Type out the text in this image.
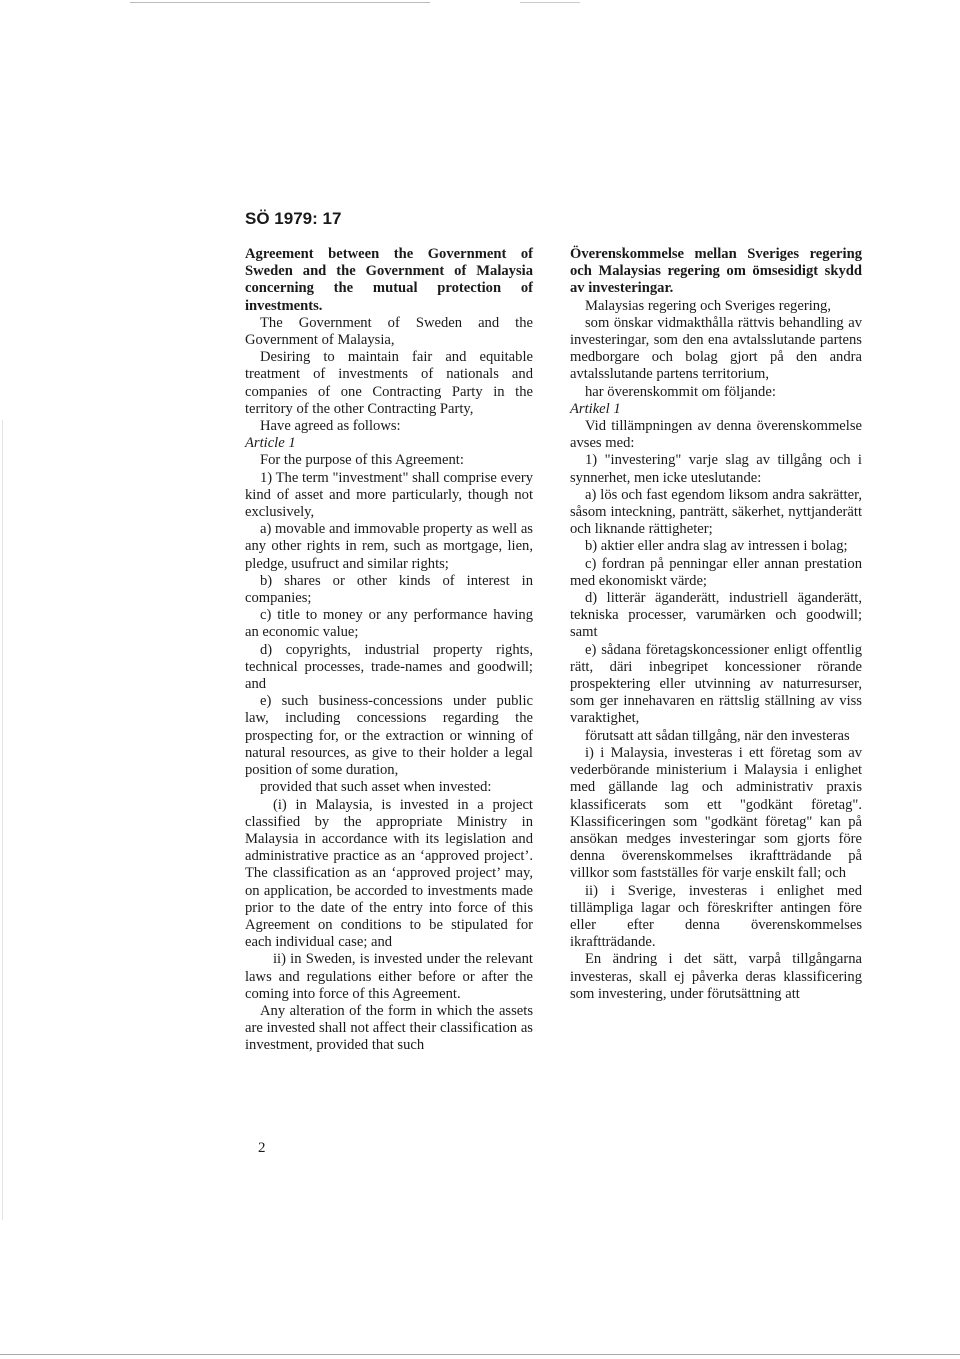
SÖ 1979: 17

Agreement between the Government of Sweden and the Government of Malaysia concerning the mutual protection of investments.

The Government of Sweden and the Government of Malaysia,

Desiring to maintain fair and equitable treatment of investments of nationals and companies of one Contracting Party in the territory of the other Contracting Party,

Have agreed as follows:

Article 1

For the purpose of this Agreement:

1) The term "investment" shall comprise every kind of asset and more particularly, though not exclusively,

a) movable and immovable property as well as any other rights in rem, such as mortgage, lien, pledge, usufruct and similar rights;

b) shares or other kinds of interest in companies;

c) title to money or any performance having an economic value;

d) copyrights, industrial property rights, technical processes, trade-names and goodwill; and

e) such business-concessions under public law, including concessions regarding the prospecting for, or the extraction or winning of natural resources, as give to their holder a legal position of some duration,

provided that such asset when invested:

(i) in Malaysia, is invested in a project classified by the appropriate Ministry in Malaysia in accordance with its legislation and administrative practice as an ‘approved project’. The classification as an ‘approved project’ may, on application, be accorded to investments made prior to the date of the entry into force of this Agreement on conditions to be stipulated for each individual case; and

ii) in Sweden, is invested under the relevant laws and regulations either before or after the coming into force of this Agreement.

Any alteration of the form in which the assets are invested shall not affect their classification as investment, provided that such

Överenskommelse mellan Sveriges regering och Malaysias regering om ömsesidigt skydd av investeringar.

Malaysias regering och Sveriges regering,

som önskar vidmakthålla rättvis behandling av investeringar, som den ena avtalsslutande partens medborgare och bolag gjort på den andra avtalsslutande partens territorium,

har överenskommit om följande:

Artikel 1

Vid tillämpningen av denna överenskommelse avses med:

1) "investering" varje slag av tillgång och i synnerhet, men icke uteslutande:

a) lös och fast egendom liksom andra sakrätter, såsom inteckning, panträtt, säkerhet, nyttjanderätt och liknande rättigheter;

b) aktier eller andra slag av intressen i bolag;

c) fordran på penningar eller annan prestation med ekonomiskt värde;

d) litterär äganderätt, industriell äganderätt, tekniska processer, varumärken och goodwill; samt

e) sådana företagskoncessioner enligt offentlig rätt, däri inbegripet koncessioner rörande prospektering eller utvinning av naturresurser, som ger innehavaren en rättslig ställning av viss varaktighet,

förutsatt att sådan tillgång, när den investeras

i) i Malaysia, investeras i ett företag som av vederbörande ministerium i Malaysia i enlighet med gällande lag och administrativ praxis klassificerats som ett "godkänt företag". Klassificeringen som "godkänt företag" kan på ansökan medges investeringar som gjorts före denna överenskommelses ikraftträdande på villkor som fastställes för varje enskilt fall; och

ii) i Sverige, investeras i enlighet med tillämpliga lagar och föreskrifter antingen före eller efter denna överenskommelses ikraftträdande.

En ändring i det sätt, varpå tillgångarna investeras, skall ej påverka deras klassificering som investering, under förutsättning att

2
